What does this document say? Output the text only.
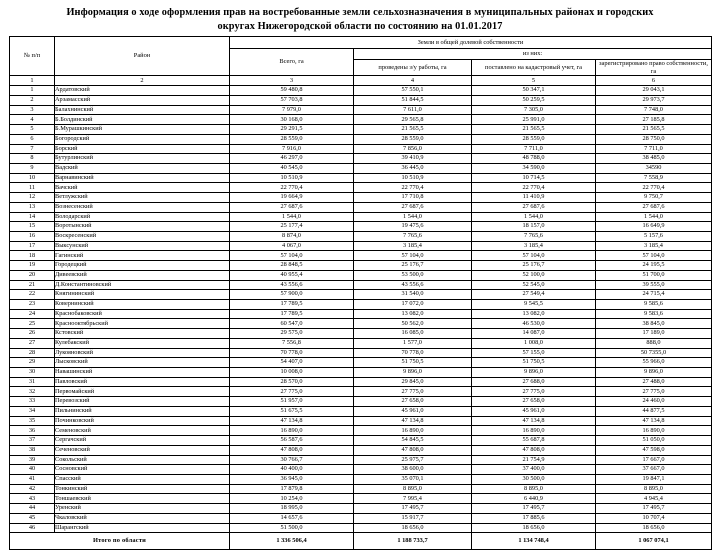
Информация о ходе оформления прав на востребованные земли сельхозназначения в муниципальных районах и городских
округах Нижегородской области по состоянию на 01.01.2017
№ п/п	Район	Земли в общей долевой собственности			
		Всего, га	из них:		
			проведены з/у работы, га	поставлено на кадастровый учет, га	зарегистрировано право собственности, га
1	2	3	4	5	6
1	Ардатовский	59 480,8	57 550,1	50 347,1	29 043,1
2	Арзамасский	57 703,8	51 844,5	50 259,5	29 973,7
3	Балахнинский	7 979,0	7 611,0	7 305,0	7 748,0
4	Б.Болдинский	30 168,0	29 565,8	25 991,0	27 185,8
5	Б.Мурашкинский	29 291,5	21 565,5	21 565,5	21 565,5
6	Богородский	28 559,0	28 559,0	28 559,0	28 750,0
7	Борский	7 916,0	7 856,0	7 711,0	7 711,0
8	Бутурлинский	46 297,0	39 410,9	48 788,0	38 485,0
9	Вадский	40 545,0	36 445,0	34 590,0	34590
10	Варнавинский	10 510,9	10 510,9	10 714,5	7 558,9
11	Вачский	22 770,4	22 770,4	22 770,4	22 770,4
12	Ветлужский	19 664,9	17 710,8	11 410,9	9 750,7
13	Вознесенский	27 687,6	27 687,6	27 687,6	27 687,6
14	Володарский	1 544,0	1 544,0	1 544,0	1 544,0
15	Воротынский	25 177,4	19 475,6	18 157,0	16 649,9
16	Воскресенский	8 874,0	7 765,6	7 765,6	5 157,6
17	Выксунский	4 067,0	3 185,4	3 185,4	3 185,4
18	Гагинский	57 104,0	57 104,0	57 104,0	57 104,0
19	Городецкий	28 848,5	25 176,7	25 176,7	24 195,5
20	Дивеевский	40 955,4	53 500,0	52 100,0	51 700,0
21	Д.Константиновский	43 556,6	43 556,6	52 545,0	39 555,0
22	Княгининский	57 900,0	31 540,0	27 549,4	24 715,4
23	Ковернинский	17 789,5	17 072,0	9 545,5	9 585,6
24	Краснобаковский	17 789,5	13 082,0	13 082,0	9 583,6
25	Краснооктябрьский	60 547,0	50 562,0	46 530,0	38 845,0
26	Кстовский	29 575,0	16 085,0	14 087,0	17 189,0
27	Кулебакский	7 556,8	1 577,0	1 008,0	888,0
28	Лукояновский	70 778,0	70 778,0	57 155,0	50 7355,0
29	Лысковский	54 407,0	51 750,5	51 750,5	55 966,0
30	Навашинский	10 008,0	9 896,0	9 896,0	9 896,0
31	Павловский	28 570,0	29 845,0	27 688,0	27 488,0
32	Первомайский	27 775,0	27 775,0	27 775,0	27 775,0
33	Перевозский	51 957,0	27 658,0	27 658,0	24 460,0
34	Пильнинский	51 675,5	45 961,0	45 961,0	44 877,5
35	Починковский	47 134,8	47 134,8	47 134,8	47 134,8
36	Семеновский	16 890,0	16 890,0	16 890,0	16 890,0
37	Сергачский	56 587,6	54 845,5	55 687,8	51 050,0
38	Сеченовский	47 808,0	47 808,0	47 808,0	47 598,0
39	Сокольский	30 766,7	25 975,7	21 754,9	17 667,0
40	Сосновский	40 400,0	38 600,0	37 400,0	37 667,0
41	Спасский	36 945,0	35 070,1	30 500,0	19 847,1
42	Тонкинский	17 879,8	8 895,0	8 895,0	8 895,0
43	Тоншаевский	10 254,0	7 995,4	6 440,9	4 945,4
44	Уренский	18 995,0	17 495,7	17 495,7	17 495,7
45	Чкаловский	14 657,6	15 917,7	17 885,6	10 707,4
46	Шарангский	51 500,0	18 656,0	18 656,0	18 656,0
Итого по области		1 336 506,4	1 188 733,7	1 134 748,4	1 067 074,1
